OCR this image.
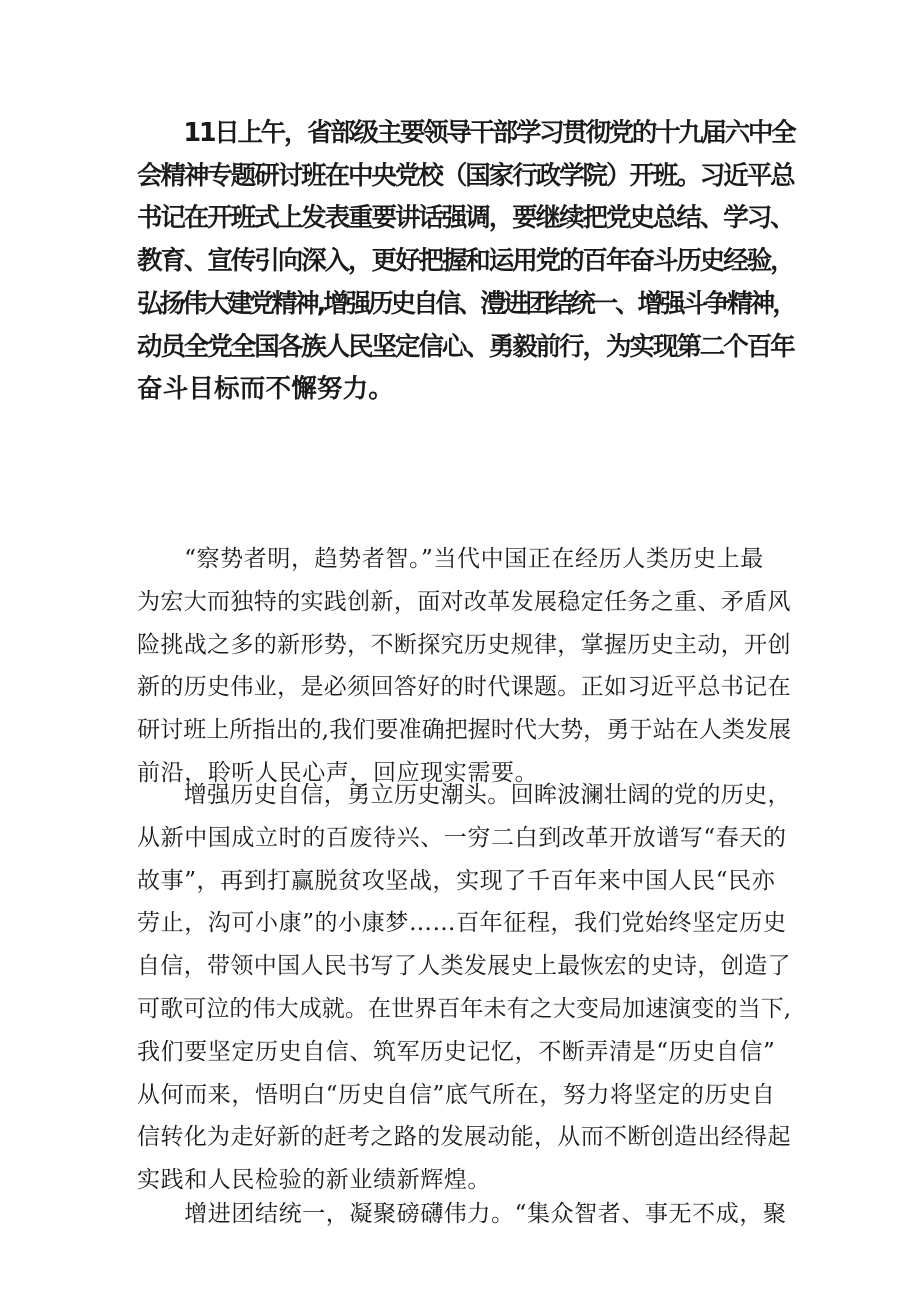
　　11日上午，省部级主要领导干部学习贯彻党的十九届六中全
会精神专题研讨班在中央党校（国家行政学院）开班。习近平总
书记在开班式上发表重要讲话强调，要继续把党史总结、学习、
教育、宣传引向深入，更好把握和运用党的百年奋斗历史经验，
弘扬伟大建党精神,增强历史自信、澧进团结统一、增强斗争精神，
动员全党全国各族人民坚定信心、勇毅前行，为实现第二个百年
奋斗目标而不懈努力。

　　“察势者明，趋势者智。”当代中国正在经历人类历史上最
为宏大而独特的实践创新，面对改革发展稳定任务之重、矛盾风
险挑战之多的新形势，不断探究历史规律，掌握历史主动，开创
新的历史伟业，是必须回答好的时代课题。正如习近平总书记在
研讨班上所指出的,我们要准确把握时代大势，勇于站在人类发展
前沿，聆听人民心声，回应现实需要。

　　增强历史自信，勇立历史潮头。回眸波澜壮阔的党的历史，
从新中国成立时的百废待兴、一穷二白到改革开放谱写“春天的
故事”，再到打赢脱贫攻坚战，实现了千百年来中国人民“民亦
劳止，沟可小康”的小康梦……百年征程，我们党始终坚定历史
自信，带领中国人民书写了人类发展史上最恢宏的史诗，创造了
可歌可泣的伟大成就。在世界百年未有之大变局加速演变的当下,
我们要坚定历史自信、筑军历史记忆，不断弄清是“历史自信”
从何而来，悟明白“历史自信”底气所在，努力将坚定的历史自
信转化为走好新的赶考之路的发展动能，从而不断创造出经得起
实践和人民检验的新业绩新辉煌。

　　增进团结统一，凝聚磅礴伟力。“集众智者、事无不成，聚
